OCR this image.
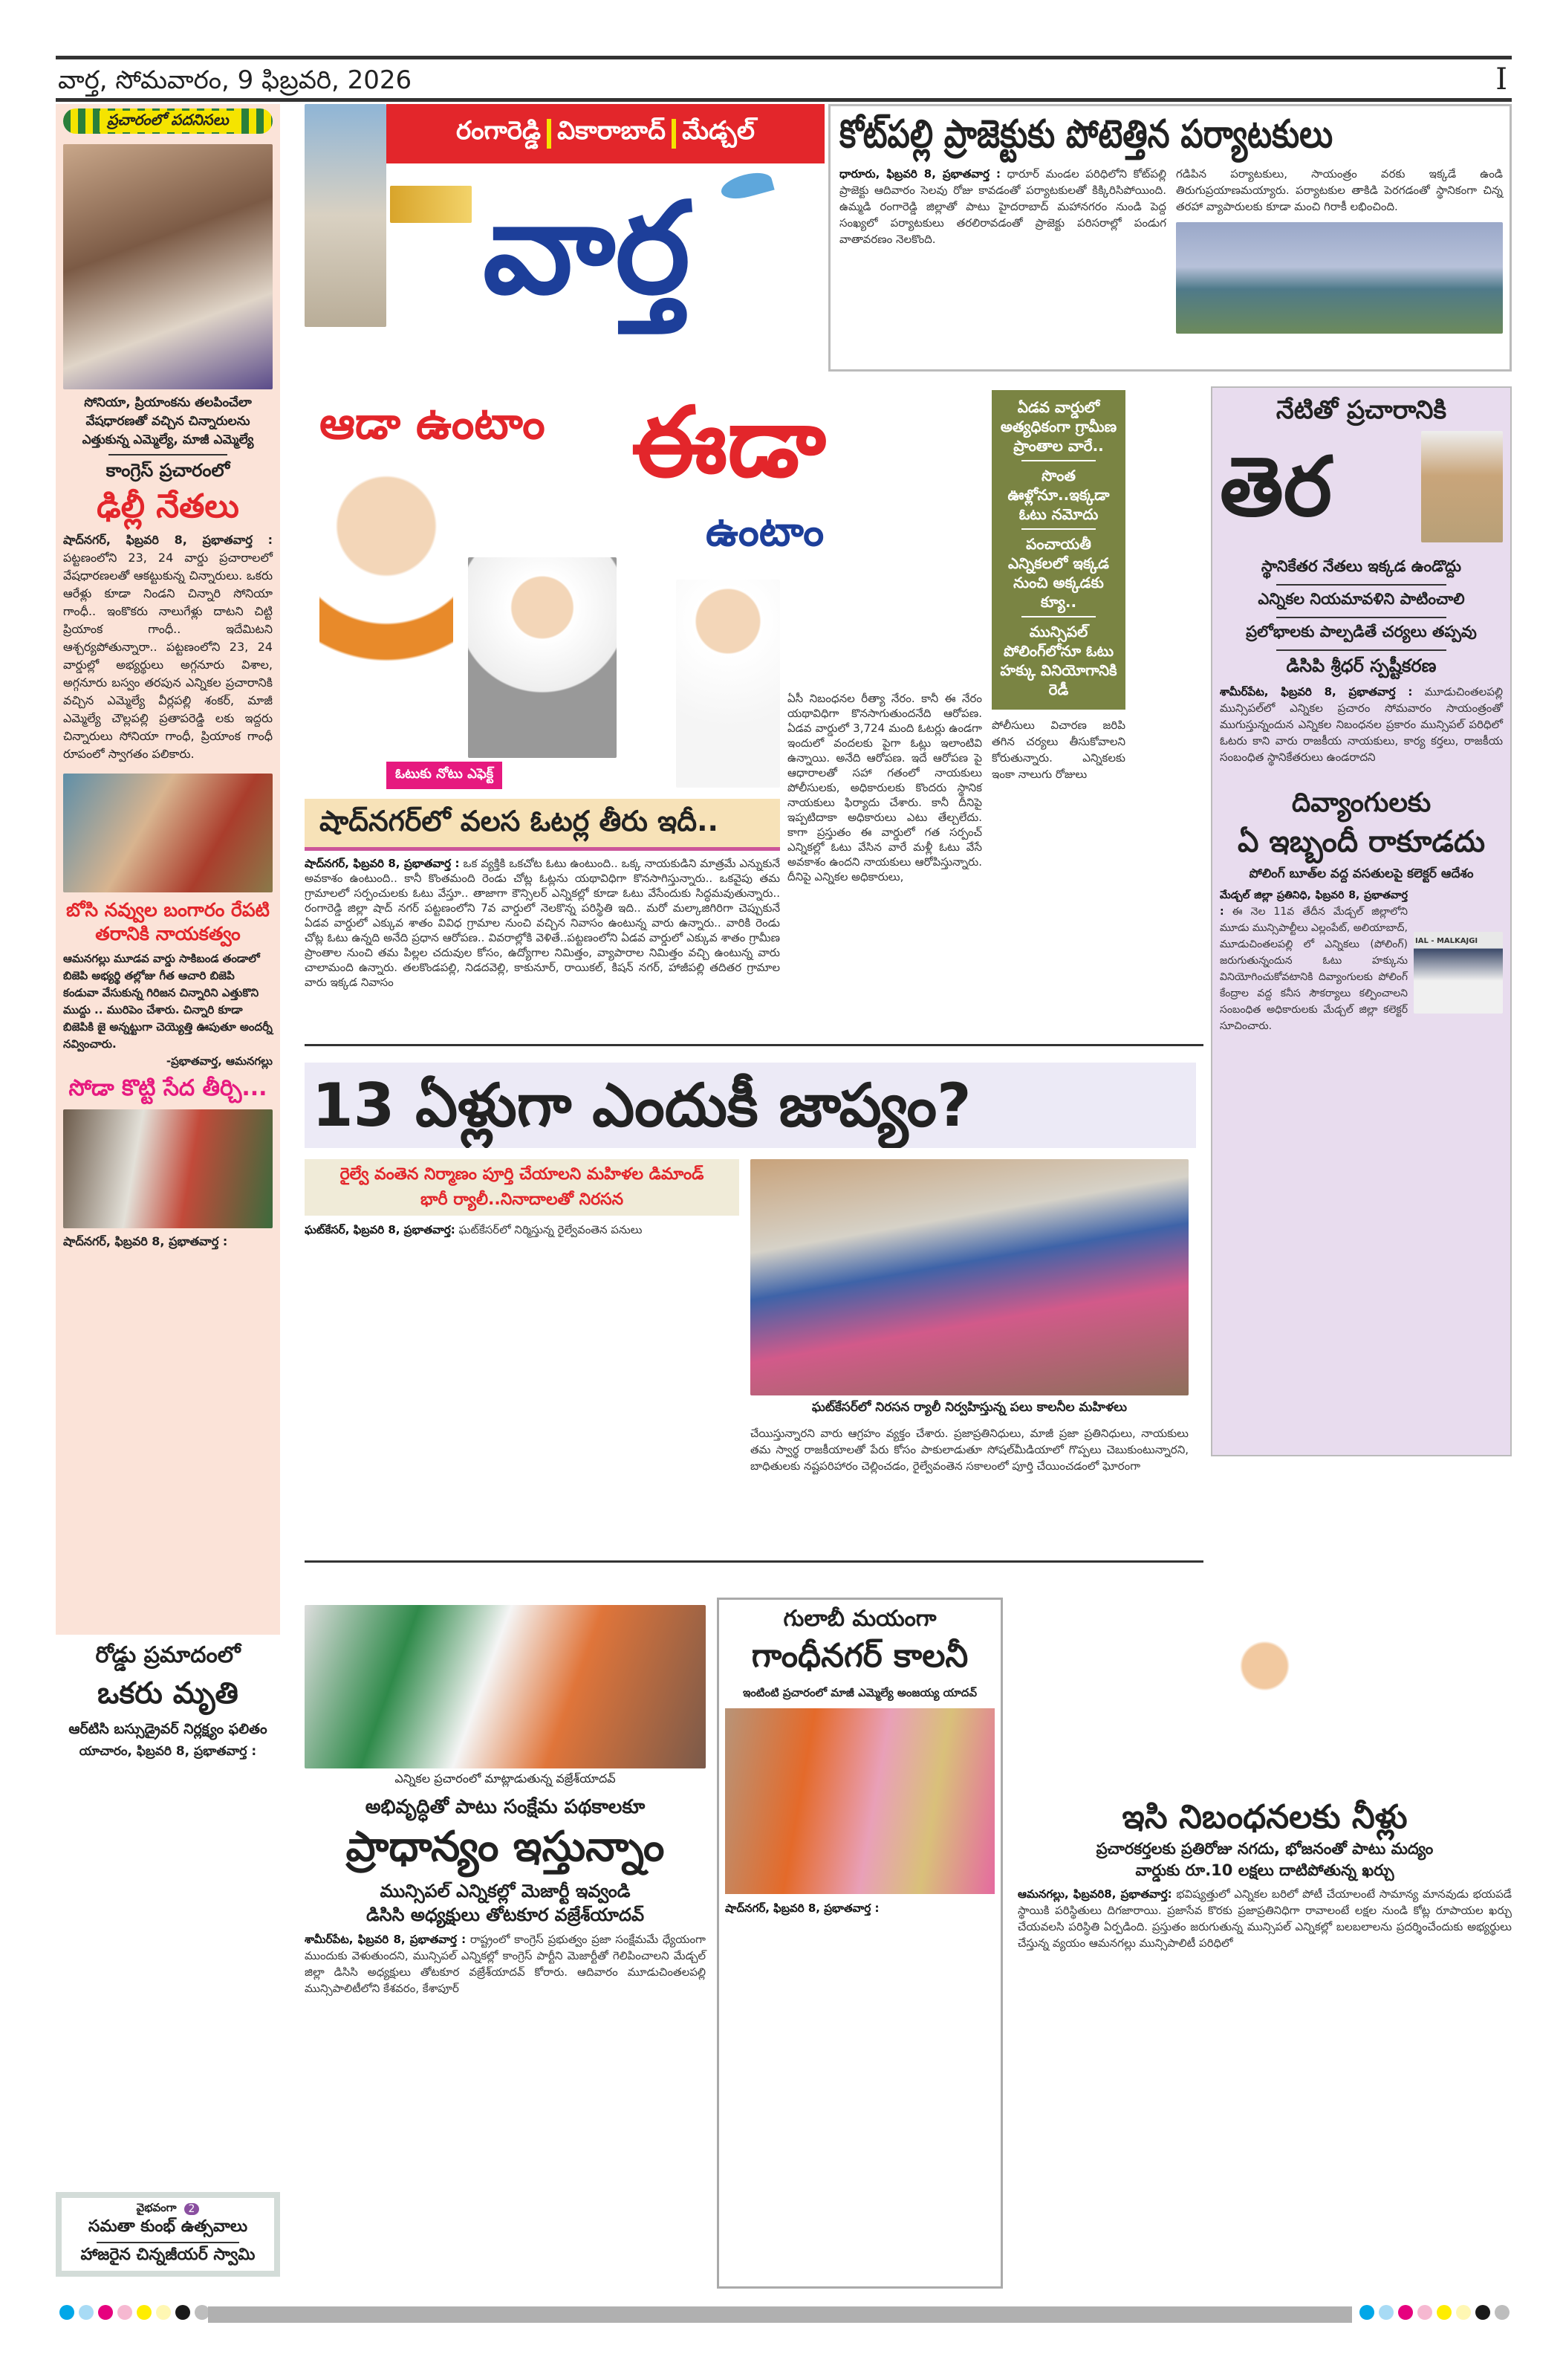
వార్త, సోమవారం, 9 ఫిబ్రవరి, 2026	I
ప్రచారంలో పదనిసలు
సోనియా, ప్రియాంకను తలపించేలా వేషధారణతో వచ్చిన చిన్నారులను ఎత్తుకున్న ఎమ్మెల్యే, మాజీ ఎమ్మెల్యే
కాంగ్రెస్ ప్రచారంలో
ఢిల్లీ నేతలు
షాద్‌నగర్, ఫిబ్రవరి 8, ప్రభాతవార్త : పట్టణంలోని 23, 24 వార్డు ప్రచారాలలో వేషధారణలతో ఆకట్టుకున్న చిన్నారులు. ఒకరు ఆరేళ్లు కూడా నిండని చిన్నారి సోనియా గాంధీ.. ఇంకొకరు నాలుగేళ్లు దాటని చిట్టి ప్రియాంక గాంధీ.. ఇదేమిటని ఆశ్చర్యపోతున్నారా.. పట్టణంలోని 23, 24 వార్డుల్లో అభ్యర్థులు అగ్గనూరు విశాల, అగ్గనూరు బస్వం తరపున ఎన్నికల ప్రచారానికి వచ్చిన ఎమ్మెల్యే వీర్లపల్లి శంకర్, మాజీ ఎమ్మెల్యే చౌల్లపల్లి ప్రతాపరెడ్డి లకు ఇద్దరు చిన్నారులు సోనియా గాంధీ, ప్రియాంక గాంధీ రూపంలో స్వాగతం పలికారు.
బోసి నవ్వుల బంగారం రేపటి తరానికి నాయకత్వం
ఆమనగల్లు మూడవ వార్డు సాకిబండ తండాలో బిజెపి అభ్యర్థి తల్లోజు గీత ఆచారి బిజెపి కండువా వేసుకున్న గిరిజన చిన్నారిని ఎత్తుకొని ముద్దు .. మురిపెం చేశారు. చిన్నారి కూడా బిజెపికి జై అన్నట్టుగా చెయ్యెత్తి ఊపుతూ అందర్నీ నవ్వించారు.
-ప్రభాతవార్త, ఆమనగల్లు
సోడా కొట్టి సేద తీర్చి...
షాద్‌నగర్, ఫిబ్రవరి 8, ప్రభాతవార్త :
రోడ్డు ప్రమాదంలో
ఒకరు మృతి
ఆర్‌టిసి బస్సుడ్రైవర్ నిర్లక్ష్యం ఫలితం
యాచారం, ఫిబ్రవరి 8, ప్రభాతవార్త :
వైభవంగా	2
సమతా కుంభ్ ఉత్సవాలు
హాజరైన చిన్నజీయర్ స్వామి
రంగారెడ్డి వికారాబాద్ మేడ్చల్
వార్త
కోట్‌పల్లి ప్రాజెక్టుకు పోటెత్తిన పర్యాటకులు
ధారూరు, ఫిబ్రవరి 8, ప్రభాతవార్త : ధారూర్ మండల పరిధిలోని కోట్‌పల్లి ప్రాజెక్టు ఆదివారం సెలవు రోజు కావడంతో పర్యాటకులతో కిక్కిరిసిపోయింది. ఉమ్మడి రంగారెడ్డి జిల్లాతో పాటు హైదరాబాద్ మహానగరం నుండి పెద్ద సంఖ్యలో పర్యాటకులు తరలిరావడంతో ప్రాజెక్టు పరిసరాల్లో పండుగ వాతావరణం నెలకొంది.
గడిపిన పర్యాటకులు, సాయంత్రం వరకు ఇక్కడే ఉండి తిరుగుప్రయాణమయ్యారు. పర్యాటకుల తాకిడి పెరగడంతో స్థానికంగా చిన్న తరహా వ్యాపారులకు కూడా మంచి గిరాకీ లభించింది.
ఆడా ఉంటాం ఈడా
ఉంటాం
ఓటుకు నోటు ఎఫెక్ట్
షాద్‌నగర్‌లో వలస ఓటర్ల తీరు ఇదీ..
షాద్‌నగర్, ఫిబ్రవరి 8, ప్రభాతవార్త : ఒక వ్యక్తికి ఒకచోట ఓటు ఉంటుంది.. ఒక్క నాయకుడిని మాత్రమే ఎన్నుకునే అవకాశం ఉంటుంది.. కానీ కొంతమంది రెండు చోట్ల ఓట్లను యథావిధిగా కొనసాగిస్తున్నారు.. ఒకవైపు తమ గ్రామాలలో సర్పంచులకు ఓటు వేస్తూ.. తాజాగా కౌన్సిలర్ ఎన్నికల్లో కూడా ఓటు వేసేందుకు సిద్ధమవుతున్నారు.. రంగారెడ్డి జిల్లా షాద్ నగర్ పట్టణంలోని 7వ వార్డులో నెలకొన్న పరిస్థితి ఇది.. మరో మల్కాజిగిరిగా చెప్పుకునే ఏడవ వార్డులో ఎక్కువ శాతం వివిధ గ్రామాల నుంచి వచ్చిన నివాసం ఉంటున్న వారు ఉన్నారు.. వారికి రెండు చోట్ల ఓటు ఉన్నది అనేది ప్రధాన ఆరోపణ.. వివరాల్లోకి వెళితే..పట్టణంలోని ఏడవ వార్డులో ఎక్కువ శాతం గ్రామీణ ప్రాంతాల నుంచి తమ పిల్లల చదువుల కోసం, ఉద్యోగాల నిమిత్తం, వ్యాపారాల నిమిత్తం వచ్చి ఉంటున్న వారు చాలామంది ఉన్నారు. తలకొండపల్లి, నిడదవెల్లి, కాకునూర్, రాయికల్, కిషన్ నగర్, హాజీపల్లి తదితర గ్రామాల వారు ఇక్కడ నివాసం
ఏసీ నిబంధనల రీత్యా నేరం. కానీ ఈ నేరం యథావిధిగా కొనసాగుతుందనేది ఆరోపణ. ఏడవ వార్డులో 3,724 మంది ఓటర్లు ఉండగా ఇందులో వందలకు పైగా ఓట్లు ఇలాంటివి ఉన్నాయి. అనేది ఆరోపణ. ఇదే ఆరోపణ పై ఆధారాలతో సహా గతంలో నాయకులు పోలీసులకు, అధికారులకు కొందరు స్థానిక నాయకులు ఫిర్యాదు చేశారు. కానీ దీనిపై ఇప్పటిదాకా అధికారులు ఎటు తేల్చలేదు. కాగా ప్రస్తుతం ఈ వార్డులో గత సర్పంచ్ ఎన్నికల్లో ఓటు వేసిన వారే మళ్లీ ఓటు వేసే అవకాశం ఉందని నాయకులు ఆరోపిస్తున్నారు. దీనిపై ఎన్నికల అధికారులు,
ఏడవ వార్డులో అత్యధికంగా గ్రామీణ ప్రాంతాల వారే..
సొంత ఊళ్లోనూ..ఇక్కడా ఓటు నమోదు
పంచాయతీ ఎన్నికలలో ఇక్కడ నుంచి అక్కడకు క్యూ..
మున్సిపల్ పోలింగ్‌లోనూ ఓటు హక్కు వినియోగానికి రెడీ
పోలీసులు విచారణ జరిపి తగిన చర్యలు తీసుకోవాలని కోరుతున్నారు. ఎన్నికలకు ఇంకా నాలుగు రోజులు
నేటితో ప్రచారానికి
తెర
స్థానికేతర నేతలు ఇక్కడ ఉండొద్దు
ఎన్నికల నియమావళిని పాటించాలి
ప్రలోభాలకు పాల్పడితే చర్యలు తప్పవు
డిసిపి శ్రీధర్ స్పష్టీకరణ
శామీర్‌పేట, ఫిబ్రవరి 8, ప్రభాతవార్త : మూడుచింతలపల్లి మున్సిపల్‌లో ఎన్నికల ప్రచారం సోమవారం సాయంత్రంతో ముగుస్తున్నందున ఎన్నికల నిబంధనల ప్రకారం మున్సిపల్ పరిధిలో ఓటరు కాని వారు రాజకీయ నాయకులు, కార్య కర్తలు, రాజకీయ సంబంధిత స్థానికేతరులు ఉండరాదని
దివ్యాంగులకు
ఏ ఇబ్బందీ రాకూడదు
పోలింగ్ బూత్‌ల వద్ద వసతులపై కలెక్టర్ ఆదేశం
IAL - MALKAJGI
మేడ్చల్ జిల్లా ప్రతినిధి, ఫిబ్రవరి 8, ప్రభాతవార్త : ఈ నెల 11వ తేదీన మేడ్చల్ జిల్లాలోని మూడు మున్సిపాల్టీలు ఎల్లంపేట్, అలియాబాద్, మూడుచింతలపల్లి లో ఎన్నికలు (పోలింగ్) జరుగుతున్నందున ఓటు హక్కును వినియోగించుకోవటానికి దివ్యాంగులకు పోలింగ్ కేంద్రాల వద్ద కనీస సౌకర్యాలు కల్పించాలని సంబంధిత అధికారులకు మేడ్చల్ జిల్లా కలెక్టర్ సూచించారు.
13 ఏళ్లుగా ఎందుకీ జాప్యం?
రైల్వే వంతెన నిర్మాణం పూర్తి చేయాలని మహిళల డిమాండ్
భారీ ర్యాలీ..నినాదాలతో నిరసన
ఘట్‌కేసర్, ఫిబ్రవరి 8, ప్రభాతవార్త: ఘట్‌కేసర్‌లో నిర్మిస్తున్న రైల్వేవంతెన పనులు
ఘట్‌కేసర్‌లో నిరసన ర్యాలీ నిర్వహిస్తున్న పలు కాలనీల మహిళలు
చేయిస్తున్నారని వారు ఆగ్రహం వ్యక్తం చేశారు. ప్రజాప్రతినిధులు, మాజీ ప్రజా ప్రతినిధులు, నాయకులు తమ స్వార్థ రాజకీయాలతో పేరు కోసం పాకులాడుతూ సోషల్‌మీడియాలో గొప్పలు చెబుకుంటున్నారని, బాధితులకు నష్టపరిహారం చెల్లించడం, రైల్వేవంతెన సకాలంలో పూర్తి చేయించడంలో ఘోరంగా
ఎన్నికల ప్రచారంలో మాట్లాడుతున్న వజ్రేశ్‌యాదవ్
అభివృద్ధితో పాటు సంక్షేమ పథకాలకూ
ప్రాధాన్యం ఇస్తున్నాం
మున్సిపల్ ఎన్నికల్లో మెజార్టీ ఇవ్వండి
డిసిసి అధ్యక్షులు తోటకూర వజ్రేశ్‌యాదవ్
శామీర్‌పేట, ఫిబ్రవరి 8, ప్రభాతవార్త : రాష్ట్రంలో కాంగ్రెస్ ప్రభుత్వం ప్రజా సంక్షేమమే ధ్యేయంగా ముందుకు వెళుతుందని, మున్సిపల్ ఎన్నికల్లో కాంగ్రెస్ పార్టీని మెజార్టీతో గెలిపించాలని మేడ్చల్ జిల్లా డిసిసి అధ్యక్షులు తోటకూర వజ్రేశ్‌యాదవ్ కోరారు. ఆదివారం మూడుచింతలపల్లి మున్సిపాలిటీలోని కేశవరం, కేశాపూర్
గులాబీ మయంగా
గాంధీనగర్ కాలనీ
ఇంటింటి ప్రచారంలో మాజీ ఎమ్మెల్యే అంజయ్య యాదవ్
షాద్‌నగర్, ఫిబ్రవరి 8, ప్రభాతవార్త :
ఇసి నిబంధనలకు నీళ్లు
ప్రచారకర్తలకు ప్రతిరోజు నగదు, భోజనంతో పాటు మద్యం
వార్డుకు రూ.10 లక్షలు దాటిపోతున్న ఖర్చు
ఆమనగల్లు, ఫిబ్రవరి8, ప్రభాతవార్త: భవిష్యత్తులో ఎన్నికల బరిలో పోటీ చేయాలంటే సామాన్య మానవుడు భయపడే స్థాయికి పరిస్థితులు దిగజారాయి. ప్రజాసేవ కొరకు ప్రజాప్రతినిధిగా రావాలంటే లక్షల నుండి కోట్ల రూపాయల ఖర్చు చేయవలసి పరిస్థితి ఏర్పడింది. ప్రస్తుతం జరుగుతున్న మున్సిపల్ ఎన్నికల్లో బలబలాలను ప్రదర్శించేందుకు అభ్యర్థులు చేస్తున్న వ్యయం ఆమనగల్లు మున్సిపాలిటీ పరిధిలో
